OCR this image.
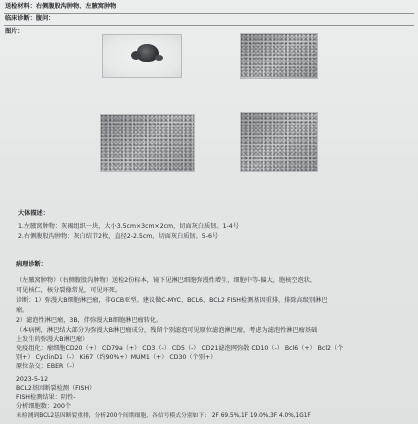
送检材料：右侧腹股沟肿物、左腋窝肿物
临床诊断：腹问：
图片：
大体描述：
1.左腋窝肿物：灰褐组织一块，大小3.5cm×3cm×2cm，切面灰白质韧。1-4号
2.右侧腹股沟肿物：灰白结节2枚，直径2-2.5cm，切面灰白质韧。5-6号
病理诊断：
（左腋窝肿物）（右侧腹股沟肿物）送检2份标本，镜下见淋巴细胞弥漫性增生，细胞中等-偏大，胞核空泡状，
可见核仁，核分裂像常见，可见坏死。
诊断：1）弥漫大B细胞淋巴瘤，非GCB亚型。建议做C-MYC、BCL6、BCL2 FISH检测基因重排，排除高级别淋巴
瘤。
2）滤泡性淋巴瘤，3B，伴弥漫大B细胞淋巴瘤转化。
（本病例，淋巴结大部分为弥漫大B淋巴瘤成分，残留个别滤泡可见原位滤泡淋巴瘤，考虑为滤泡性淋巴瘤基础
上发生的弥漫大B淋巴瘤）
免疫组化：瘤细胞CD20（+） CD79a（+） CD3（-） CD5（-） CD21滤泡网弥散 CD10（-） Bcl6（+） Bcl2（个
别+） CyclinD1（-） Ki67（约90%+）MUM1（+） CD30（个别+）
原位杂交：EBER（-）
2023-5-12
BCL2基因断裂检测（FISH）
FISH检测结果：阴性-
分析细胞数：200个
未检测到BCL2基因断裂重排，分析200个间期细胞，各信号模式分别如下： 2F 69.5%,1F 19.0%,3F 4.0%,1G1F
